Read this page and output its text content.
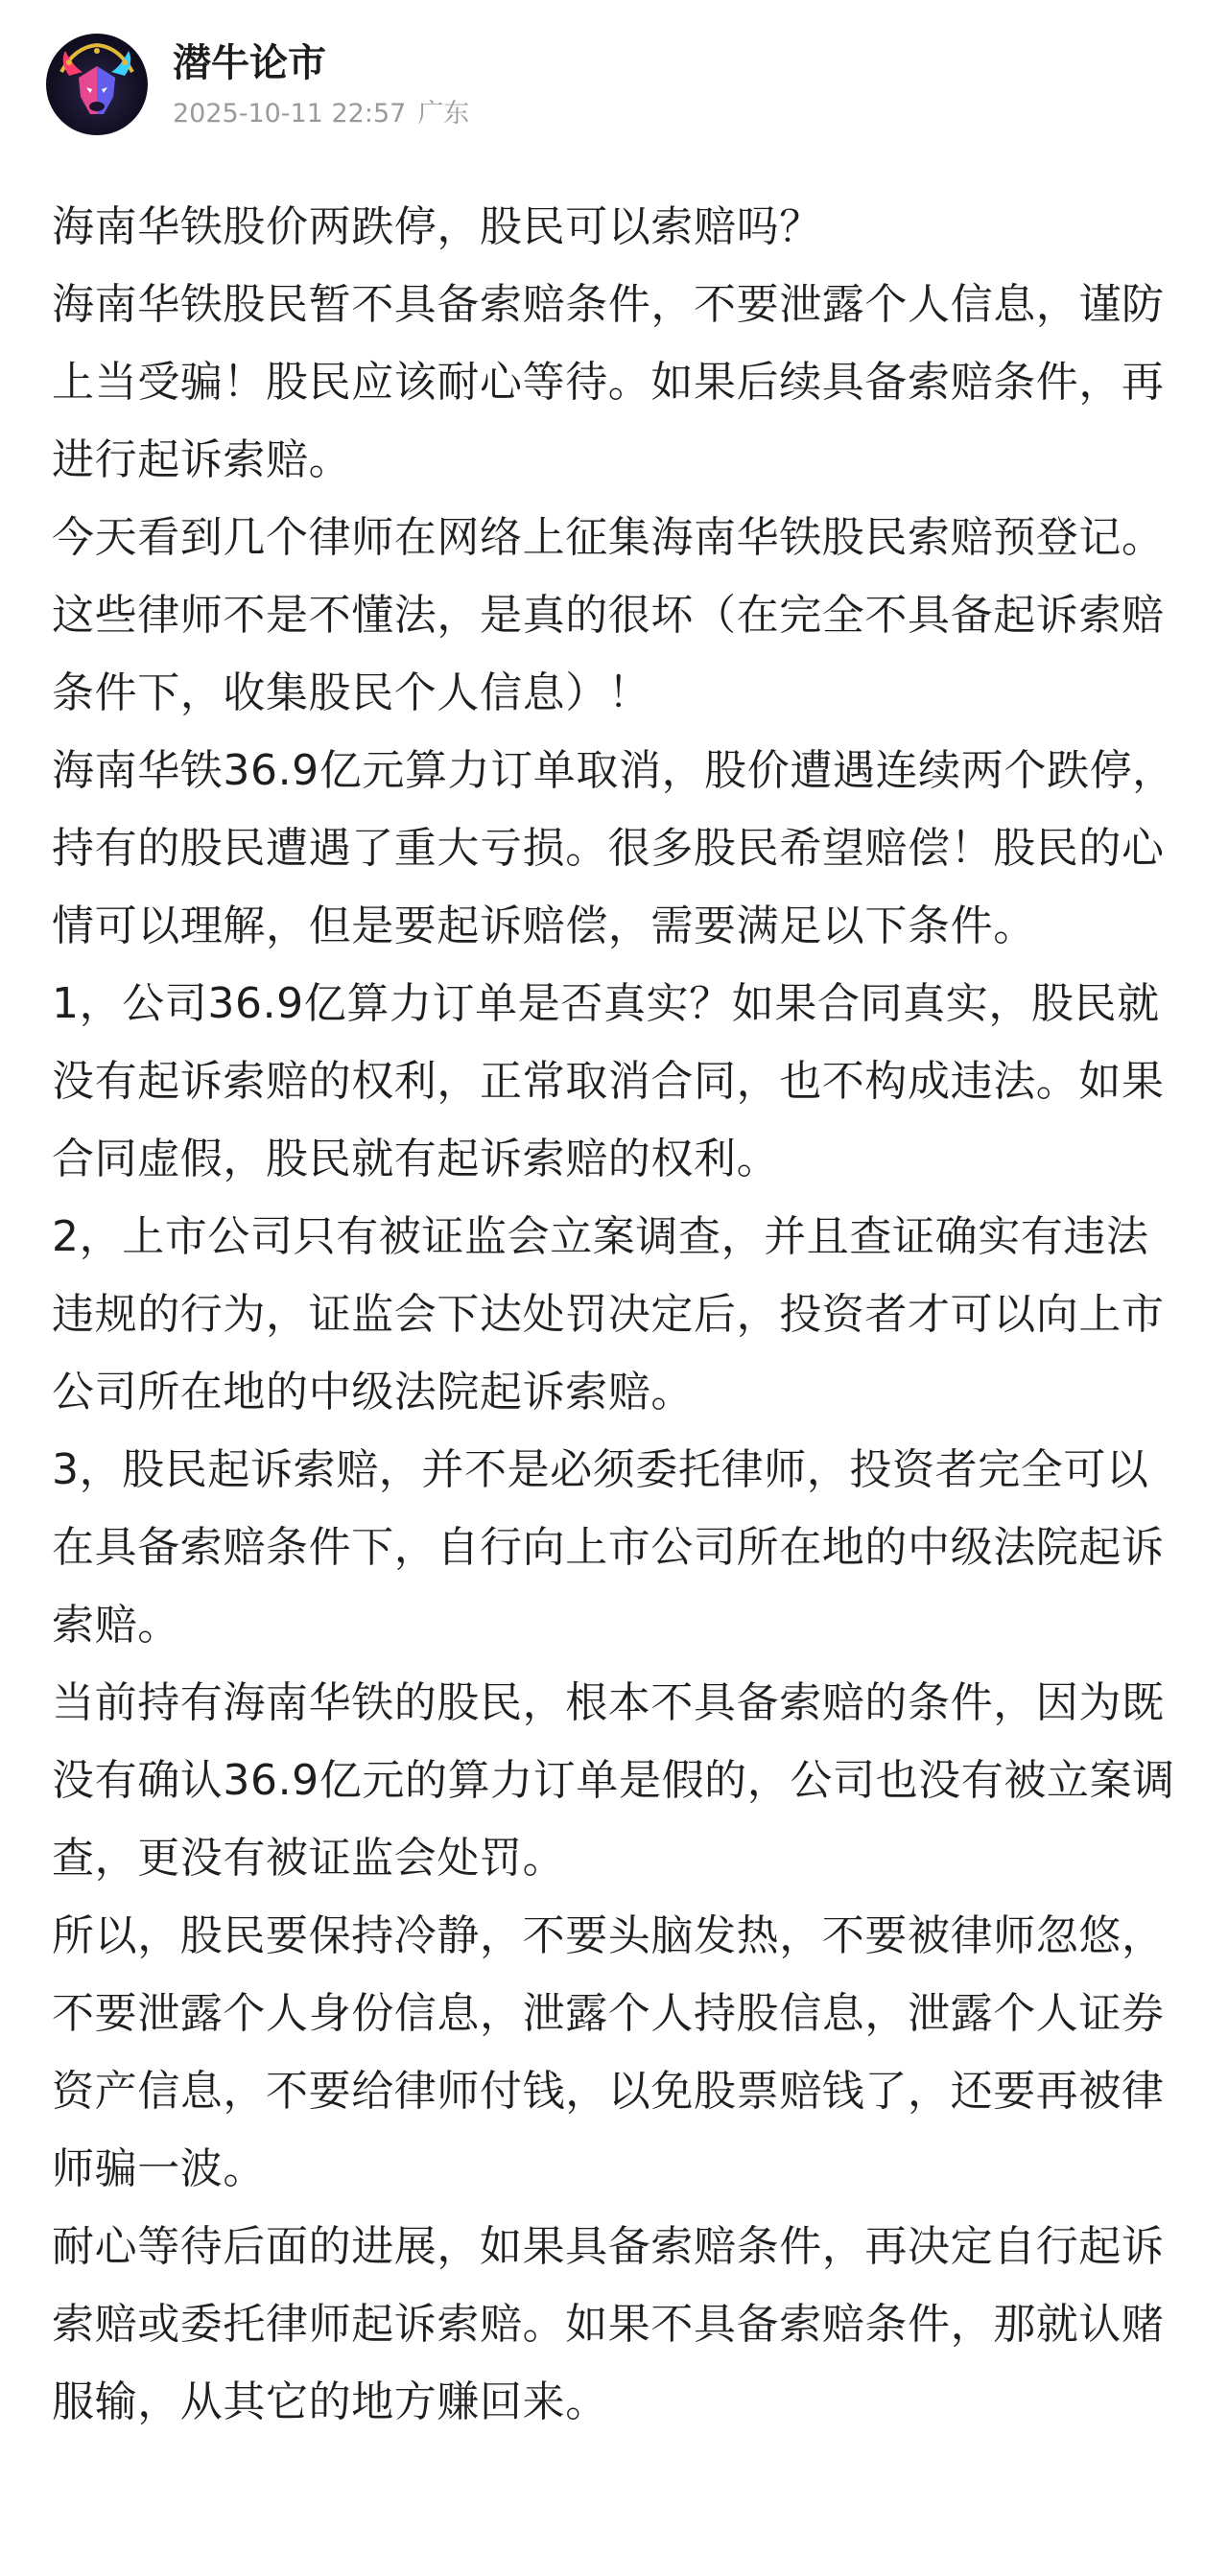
潜牛论市
2025-10-11 22:57 广东

海南华铁股价两跌停，股民可以索赔吗？

海南华铁股民暂不具备索赔条件，不要泄露个人信息，谨防上当受骗！股民应该耐心等待。如果后续具备索赔条件，再进行起诉索赔。

今天看到几个律师在网络上征集海南华铁股民索赔预登记。这些律师不是不懂法，是真的很坏（在完全不具备起诉索赔条件下，收集股民个人信息）！

海南华铁36.9亿元算力订单取消，股价遭遇连续两个跌停，持有的股民遭遇了重大亏损。很多股民希望赔偿！股民的心情可以理解，但是要起诉赔偿，需要满足以下条件。

1，公司36.9亿算力订单是否真实？如果合同真实，股民就没有起诉索赔的权利，正常取消合同，也不构成违法。如果合同虚假，股民就有起诉索赔的权利。

2，上市公司只有被证监会立案调查，并且查证确实有违法违规的行为，证监会下达处罚决定后，投资者才可以向上市公司所在地的中级法院起诉索赔。

3，股民起诉索赔，并不是必须委托律师，投资者完全可以在具备索赔条件下，自行向上市公司所在地的中级法院起诉索赔。

当前持有海南华铁的股民，根本不具备索赔的条件，因为既没有确认36.9亿元的算力订单是假的，公司也没有被立案调查，更没有被证监会处罚。

所以，股民要保持冷静，不要头脑发热，不要被律师忽悠，不要泄露个人身份信息，泄露个人持股信息，泄露个人证券资产信息，不要给律师付钱，以免股票赔钱了，还要再被律师骗一波。

耐心等待后面的进展，如果具备索赔条件，再决定自行起诉索赔或委托律师起诉索赔。如果不具备索赔条件，那就认赌服输，从其它的地方赚回来。
